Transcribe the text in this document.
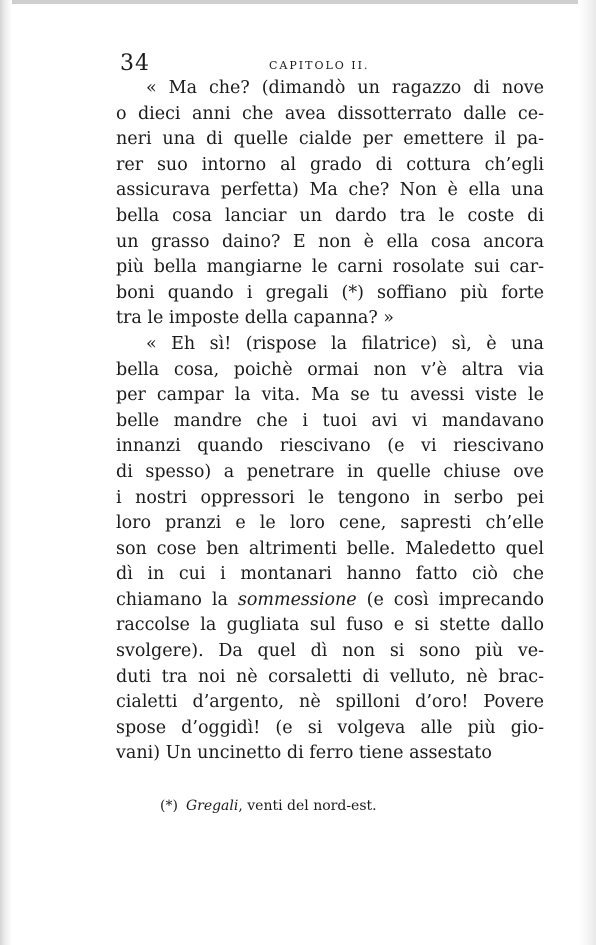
34	CAPITOLO II.
« Ma che? (dimandò un ragazzo di nove
o dieci anni che avea dissotterrato dalle ce-
neri una di quelle cialde per emettere il pa-
rer suo intorno al grado di cottura ch’egli
assicurava perfetta) Ma che? Non è ella una
bella cosa lanciar un dardo tra le coste di
un grasso daino? E non è ella cosa ancora
più bella mangiarne le carni rosolate sui car-
boni quando i gregali (*) soffiano più forte
tra le imposte della capanna? »
« Eh sì! (rispose la filatrice) sì, è una
bella cosa, poichè ormai non v’è altra via
per campar la vita. Ma se tu avessi viste le
belle mandre che i tuoi avi vi mandavano
innanzi quando riescivano (e vi riescivano
di spesso) a penetrare in quelle chiuse ove
i nostri oppressori le tengono in serbo pei
loro pranzi e le loro cene, sapresti ch’elle
son cose ben altrimenti belle. Maledetto quel
dì in cui i montanari hanno fatto ciò che
chiamano la sommessione (e così imprecando
raccolse la gugliata sul fuso e si stette dallo
svolgere). Da quel dì non si sono più ve-
duti tra noi nè corsaletti di velluto, nè brac-
cialetti d’argento, nè spilloni d’oro! Povere
spose d’oggidì! (e si volgeva alle più gio-
vani) Un uncinetto di ferro tiene assestato
(*) Gregali, venti del nord-est.
